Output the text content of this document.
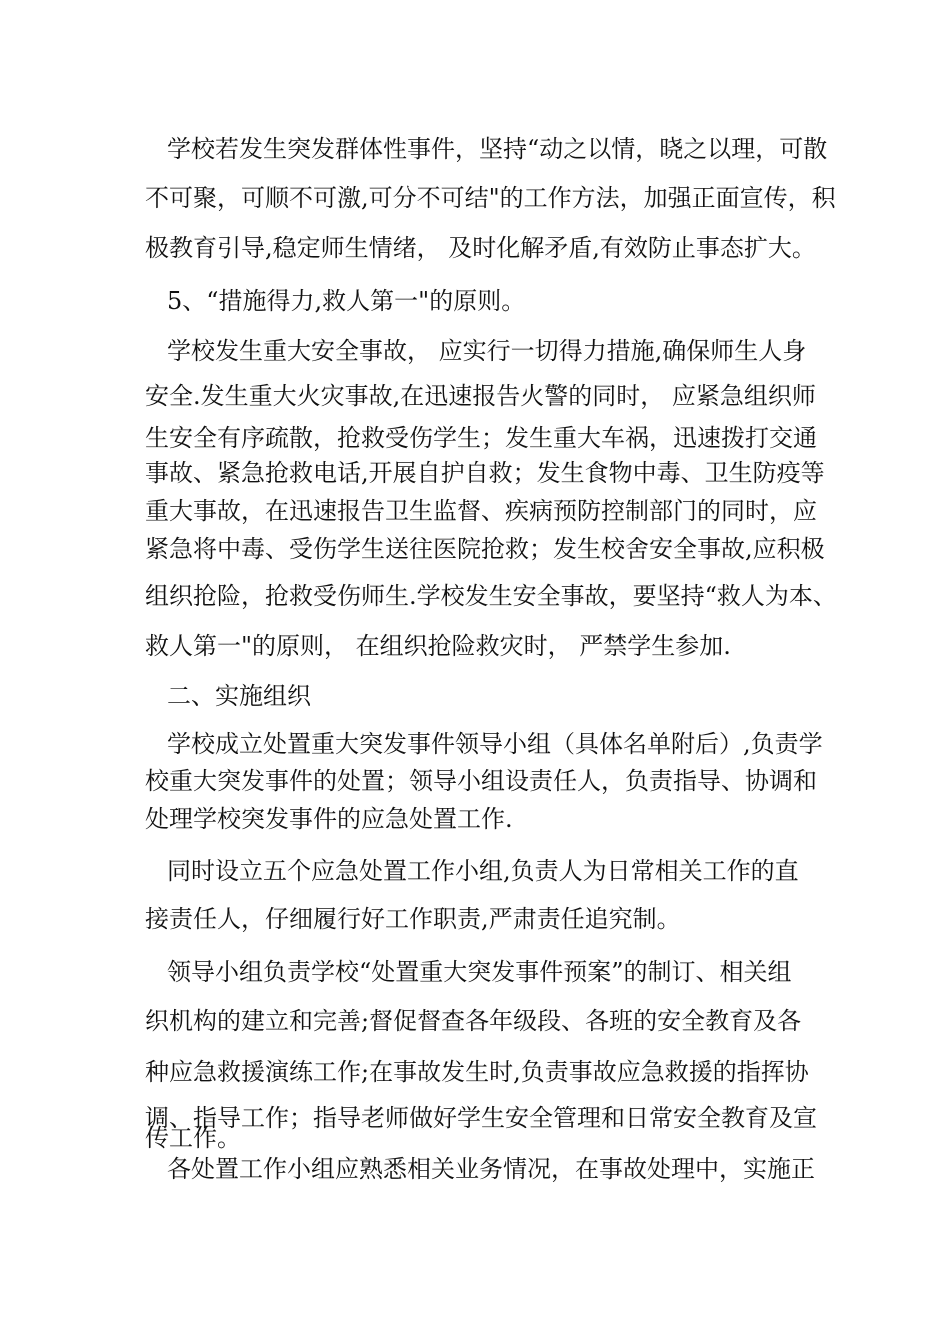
学校若发生突发群体性事件，坚持“动之以情，晓之以理，可散

不可聚，可顺不可激,可分不可结"的工作方法，加强正面宣传，积

极教育引导,稳定师生情绪， 及时化解矛盾,有效防止事态扩大。

5、“措施得力,救人第一"的原则。

学校发生重大安全事故， 应实行一切得力措施,确保师生人身

安全.发生重大火灾事故,在迅速报告火警的同时， 应紧急组织师

生安全有序疏散，抢救受伤学生；发生重大车祸，迅速拨打交通

事故、紧急抢救电话,开展自护自救；发生食物中毒、卫生防疫等

重大事故，在迅速报告卫生监督、疾病预防控制部门的同时，应

紧急将中毒、受伤学生送往医院抢救；发生校舍安全事故,应积极

组织抢险，抢救受伤师生.学校发生安全事故，要坚持“救人为本、

救人第一"的原则， 在组织抢险救灾时， 严禁学生参加.

二、实施组织

学校成立处置重大突发事件领导小组（具体名单附后）,负责学

校重大突发事件的处置；领导小组设责任人，负责指导、协调和

处理学校突发事件的应急处置工作.

同时设立五个应急处置工作小组,负责人为日常相关工作的直

接责任人，仔细履行好工作职责,严肃责任追究制。

领导小组负责学校“处置重大突发事件预案”的制订、相关组

织机构的建立和完善;督促督查各年级段、各班的安全教育及各

种应急救援演练工作;在事故发生时,负责事故应急救援的指挥协

调、指导工作；指导老师做好学生安全管理和日常安全教育及宣

传工作。

各处置工作小组应熟悉相关业务情况，在事故处理中，实施正
